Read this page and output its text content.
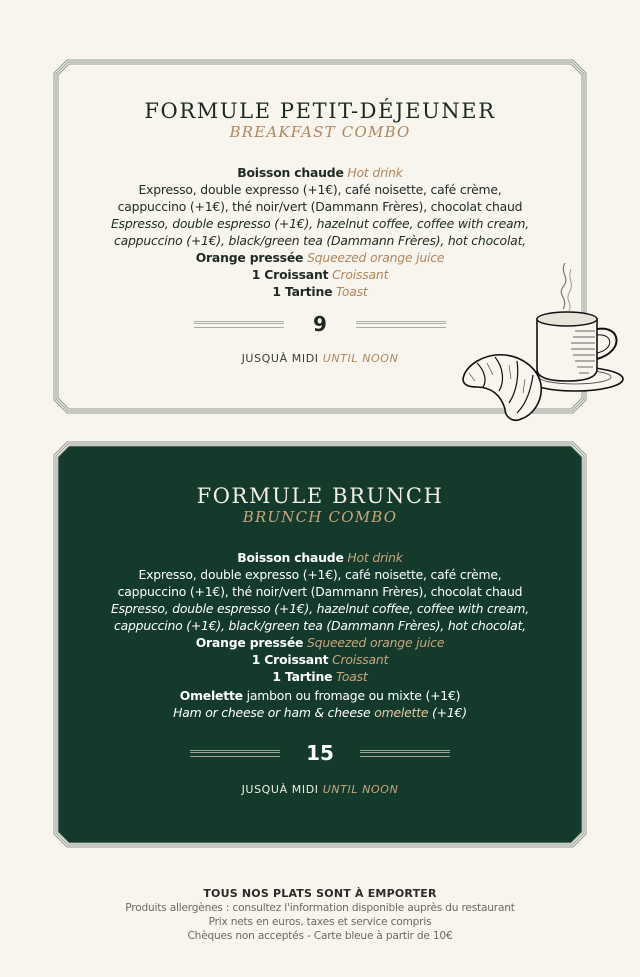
FORMULE PETIT-DÉJEUNER
BREAKFAST COMBO
Boisson chaude Hot drink
Expresso, double expresso (+1€), café noisette, café crème,
cappuccino (+1€), thé noir/vert (Dammann Frères), chocolat chaud
Espresso, double espresso (+1€), hazelnut coffee, coffee with cream,
cappuccino (+1€), black/green tea (Dammann Frères), hot chocolat,
Orange pressée Squeezed orange juice
1 Croissant Croissant
1 Tartine Toast
9
JUSQUÀ MIDI UNTIL NOON
FORMULE BRUNCH
BRUNCH COMBO
Boisson chaude Hot drink
Expresso, double expresso (+1€), café noisette, café crème,
cappuccino (+1€), thé noir/vert (Dammann Frères), chocolat chaud
Espresso, double espresso (+1€), hazelnut coffee, coffee with cream,
cappuccino (+1€), black/green tea (Dammann Frères), hot chocolat,
Orange pressée Squeezed orange juice
1 Croissant Croissant
1 Tartine Toast
Omelette jambon ou fromage ou mixte (+1€)
Ham or cheese or ham & cheese omelette (+1€)
15
JUSQUÀ MIDI UNTIL NOON
TOUS NOS PLATS SONT À EMPORTER
Produits allergènes : consultez l'information disponible auprès du restaurant
Prix nets en euros, taxes et service compris
Chèques non acceptés - Carte bleue à partir de 10€
